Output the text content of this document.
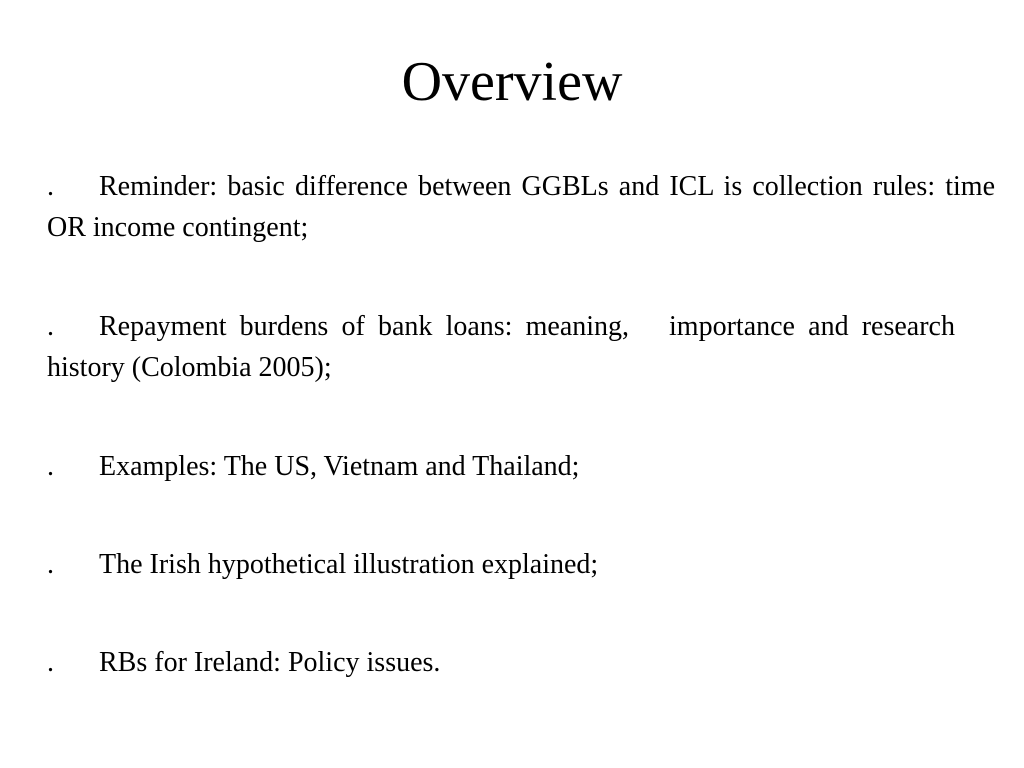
Overview

. Reminder: basic difference between GGBLs and ICL is collection rules: time OR income contingent;

. Repayment burdens of bank loans: meaning, importance and researchhistory (Colombia 2005);

. Examples: The US, Vietnam and Thailand;

. The Irish hypothetical illustration explained;

. RBs for Ireland: Policy issues.
